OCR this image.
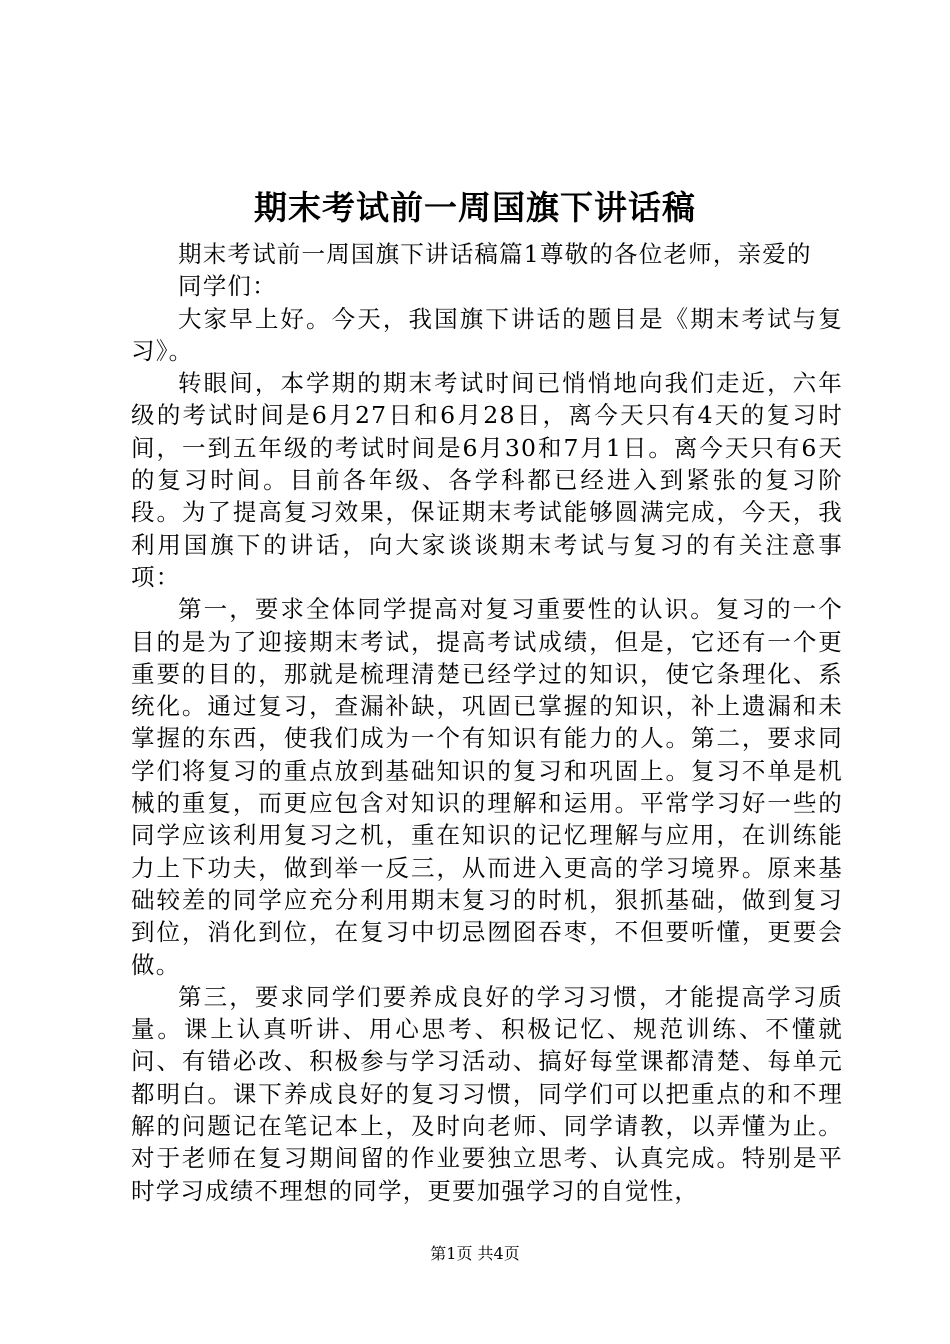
期末考试前一周国旗下讲话稿

期末考试前一周国旗下讲话稿篇1尊敬的各位老师，亲爱的

同学们：

大家早上好。今天，我国旗下讲话的题目是《期末考试与复习》。

转眼间，本学期的期末考试时间已悄悄地向我们走近，六年级的考试时间是6月27日和6月28日，离今天只有4天的复习时间，一到五年级的考试时间是6月30和7月1日。离今天只有6天的复习时间。目前各年级、各学科都已经进入到紧张的复习阶段。为了提高复习效果，保证期末考试能够圆满完成，今天，我利用国旗下的讲话，向大家谈谈期末考试与复习的有关注意事项：

第一，要求全体同学提高对复习重要性的认识。复习的一个目的是为了迎接期末考试，提高考试成绩，但是，它还有一个更重要的目的，那就是梳理清楚已经学过的知识，使它条理化、系统化。通过复习，查漏补缺，巩固已掌握的知识，补上遗漏和未掌握的东西，使我们成为一个有知识有能力的人。第二，要求同学们将复习的重点放到基础知识的复习和巩固上。复习不单是机械的重复，而更应包含对知识的理解和运用。平常学习好一些的同学应该利用复习之机，重在知识的记忆理解与应用，在训练能力上下功夫，做到举一反三，从而进入更高的学习境界。原来基础较差的同学应充分利用期末复习的时机，狠抓基础，做到复习到位，消化到位，在复习中切忌囫囵吞枣，不但要听懂，更要会做。

第三，要求同学们要养成良好的学习习惯，才能提高学习质量。课上认真听讲、用心思考、积极记忆、规范训练、不懂就问、有错必改、积极参与学习活动、搞好每堂课都清楚、每单元都明白。课下养成良好的复习习惯，同学们可以把重点的和不理解的问题记在笔记本上，及时向老师、同学请教，以弄懂为止。对于老师在复习期间留的作业要独立思考、认真完成。特别是平时学习成绩不理想的同学，更要加强学习的自觉性，

第1页 共4页
